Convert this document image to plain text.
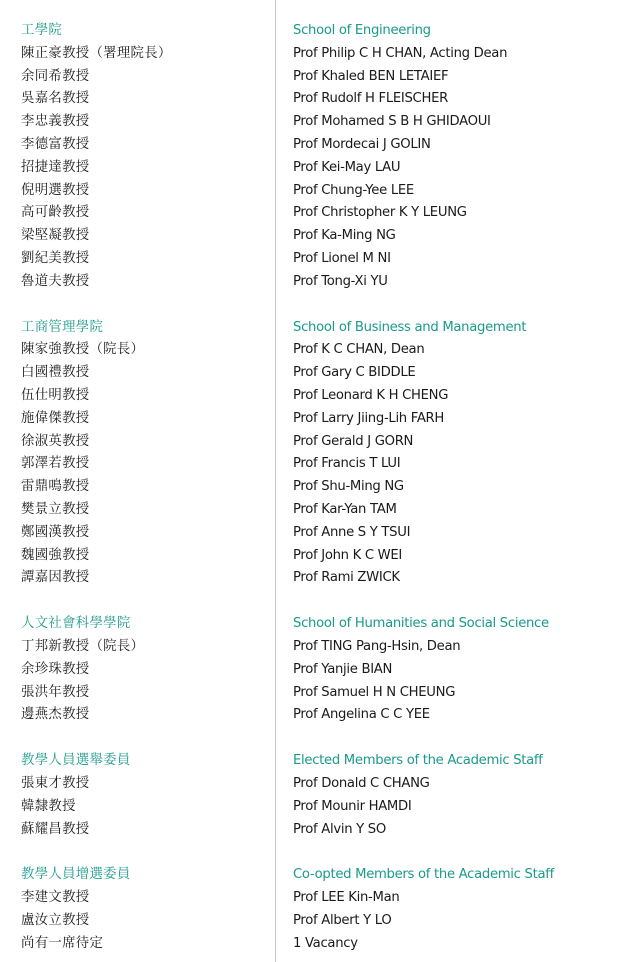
工學院
陳正豪教授（署理院長）
余同希教授
吳嘉名教授
李忠義教授
李德富教授
招捷達教授
倪明選教授
高可齡教授
梁堅凝教授
劉紀美教授
魯道夫教授
工商管理學院
陳家強教授（院長）
白國禮教授
伍仕明教授
施偉傑教授
徐淑英教授
郭澤若教授
雷鼎鳴教授
樊景立教授
鄭國漢教授
魏國強教授
譚嘉因教授
人文社會科學學院
丁邦新教授（院長）
余珍珠教授
張洪年教授
邊燕杰教授
教學人員選舉委員
張東才教授
韓隸教授
蘇耀昌教授
教學人員增選委員
李建文教授
盧汝立教授
尚有一席待定
School of Engineering
Prof Philip C H CHAN, Acting Dean
Prof Khaled BEN LETAIEF
Prof Rudolf H FLEISCHER
Prof Mohamed S B H GHIDAOUI
Prof Mordecai J GOLIN
Prof Kei-May LAU
Prof Chung-Yee LEE
Prof Christopher K Y LEUNG
Prof Ka-Ming NG
Prof Lionel M NI
Prof Tong-Xi YU
School of Business and Management
Prof K C CHAN, Dean
Prof Gary C BIDDLE
Prof Leonard K H CHENG
Prof Larry Jiing-Lih FARH
Prof Gerald J GORN
Prof Francis T LUI
Prof Shu-Ming NG
Prof Kar-Yan TAM
Prof Anne S Y TSUI
Prof John K C WEI
Prof Rami ZWICK
School of Humanities and Social Science
Prof TING Pang-Hsin, Dean
Prof Yanjie BIAN
Prof Samuel H N CHEUNG
Prof Angelina C C YEE
Elected Members of the Academic Staff
Prof Donald C CHANG
Prof Mounir HAMDI
Prof Alvin Y SO
Co-opted Members of the Academic Staff
Prof LEE Kin-Man
Prof Albert Y LO
1 Vacancy
